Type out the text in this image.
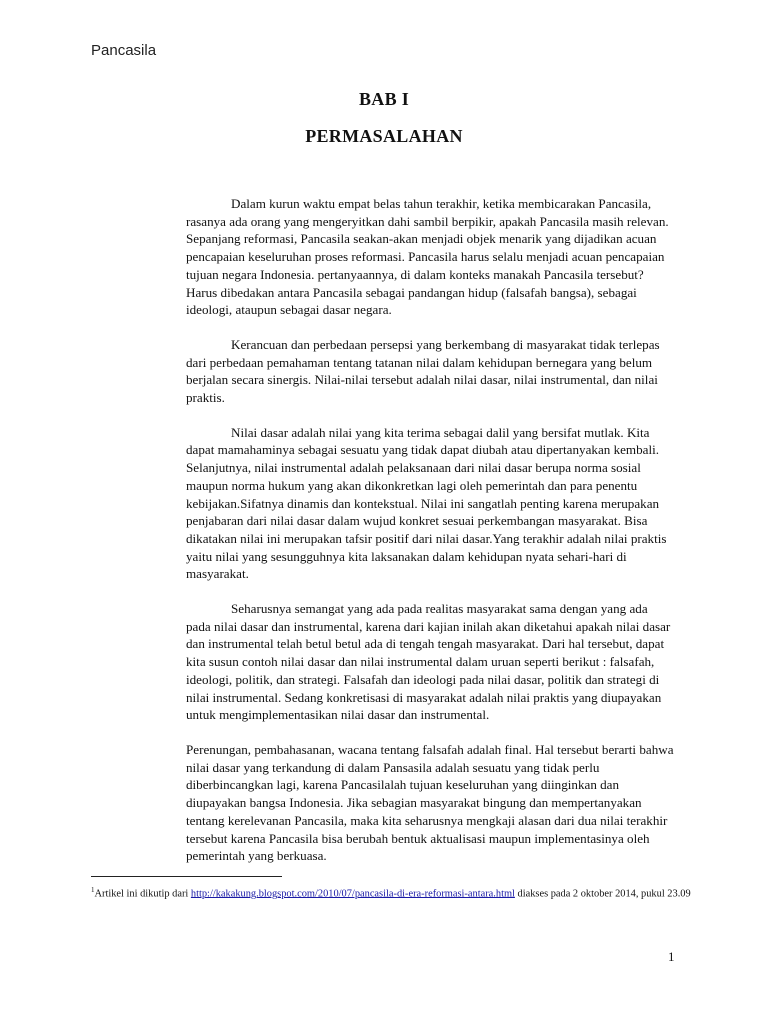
Pancasila
BAB I
PERMASALAHAN

Dalam kurun waktu empat belas tahun terakhir, ketika membicarakan Pancasila, rasanya ada orang yang mengeryitkan dahi sambil berpikir, apakah Pancasila masih relevan. Sepanjang reformasi, Pancasila seakan-akan menjadi objek menarik yang dijadikan acuan pencapaian keseluruhan proses reformasi. Pancasila harus selalu menjadi acuan pencapaian tujuan negara Indonesia. pertanyaannya, di dalam konteks manakah Pancasila tersebut? Harus dibedakan antara Pancasila sebagai pandangan hidup (falsafah bangsa), sebagai ideologi, ataupun sebagai dasar negara.

Kerancuan dan perbedaan persepsi yang berkembang di masyarakat tidak terlepas dari perbedaan pemahaman tentang tatanan nilai dalam kehidupan bernegara yang belum berjalan secara sinergis. Nilai-nilai tersebut adalah nilai dasar, nilai instrumental, dan nilai praktis.

Nilai dasar adalah nilai yang kita terima sebagai dalil yang bersifat mutlak. Kita dapat mamahaminya sebagai sesuatu yang tidak dapat diubah atau dipertanyakan kembali. Selanjutnya, nilai instrumental adalah pelaksanaan dari nilai dasar berupa norma sosial maupun norma hukum yang akan dikonkretkan lagi oleh pemerintah dan para penentu kebijakan.Sifatnya dinamis dan kontekstual. Nilai ini sangatlah penting karena merupakan penjabaran dari nilai dasar dalam wujud konkret sesuai perkembangan masyarakat. Bisa dikatakan nilai ini merupakan tafsir positif dari nilai dasar.Yang terakhir adalah nilai praktis yaitu nilai yang sesungguhnya kita laksanakan dalam kehidupan nyata sehari-hari di masyarakat.

Seharusnya semangat yang ada pada realitas masyarakat sama dengan yang ada pada nilai dasar dan instrumental, karena dari kajian inilah akan diketahui apakah nilai dasar dan instrumental telah betul betul ada di tengah tengah masyarakat. Dari hal tersebut, dapat kita susun contoh nilai dasar dan nilai instrumental dalam uruan seperti berikut : falsafah, ideologi, politik, dan strategi. Falsafah dan ideologi pada nilai dasar, politik dan strategi di nilai instrumental. Sedang konkretisasi di masyarakat adalah nilai praktis yang diupayakan untuk mengimplementasikan nilai dasar dan instrumental.

Perenungan, pembahasanan, wacana tentang falsafah adalah final. Hal tersebut berarti bahwa nilai dasar yang terkandung di dalam Pansasila adalah sesuatu yang tidak perlu diberbincangkan lagi, karena Pancasilalah tujuan keseluruhan yang diinginkan dan diupayakan bangsa Indonesia. Jika sebagian masyarakat bingung dan mempertanyakan tentang kerelevanan Pancasila, maka kita seharusnya mengkaji alasan dari dua nilai terakhir tersebut karena Pancasila bisa berubah bentuk aktualisasi maupun implementasinya oleh pemerintah yang berkuasa.

$^1$Artikel ini dikutip dari http://kakakung.blogspot.com/2010/07/pancasila-di-era-reformasi-antara.html diakses pada 2 oktober 2014, pukul 23.09
1
